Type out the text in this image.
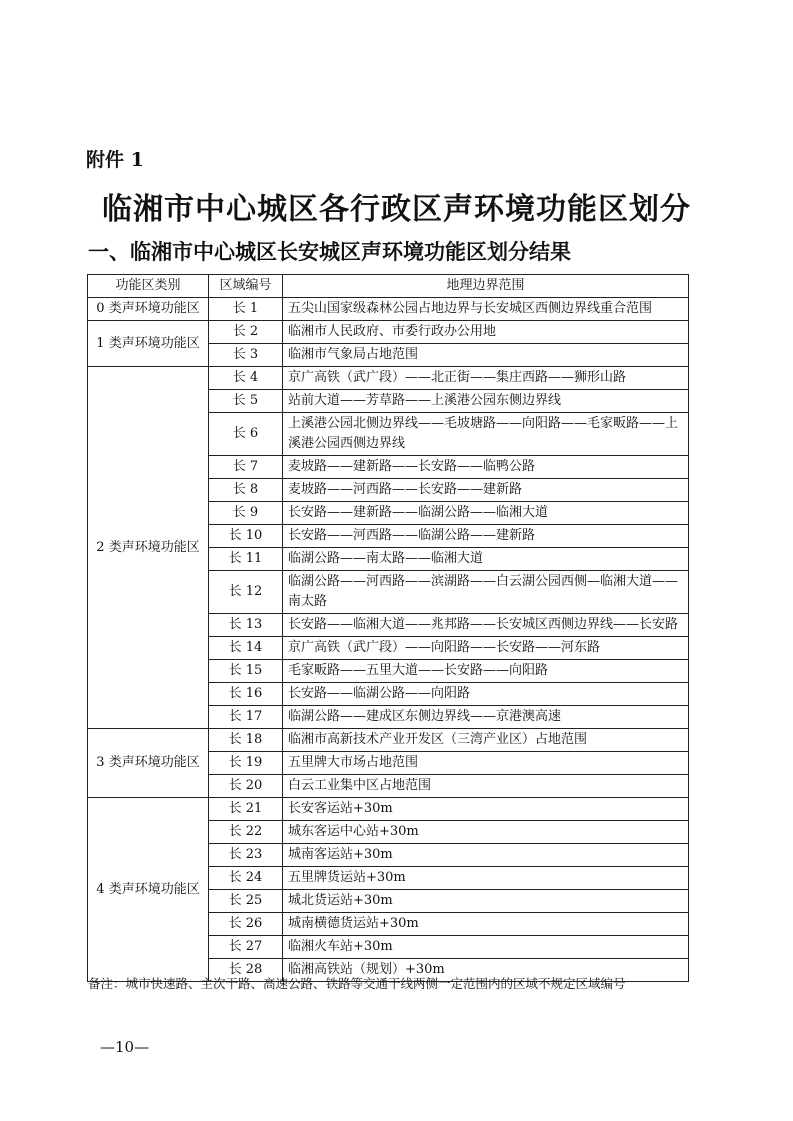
附件 1
临湘市中心城区各行政区声环境功能区划分
一、临湘市中心城区长安城区声环境功能区划分结果
功能区类别	区域编号	地理边界范围
0 类声环境功能区	长 1	五尖山国家级森林公园占地边界与长安城区西侧边界线重合范围
1 类声环境功能区	长 2	临湘市人民政府、市委行政办公用地
	长 3	临湘市气象局占地范围
2 类声环境功能区	长 4	京广高铁（武广段）——北正街——集庄西路——狮形山路
	长 5	站前大道——芳草路——上溪港公园东侧边界线
	长 6	上溪港公园北侧边界线——毛坡塘路——向阳路——毛家畈路——上溪港公园西侧边界线
	长 7	麦坡路——建新路——长安路——临鸭公路
	长 8	麦坡路——河西路——长安路——建新路
	长 9	长安路——建新路——临湖公路——临湘大道
	长 10	长安路——河西路——临湖公路——建新路
	长 11	临湖公路——南太路——临湘大道
	长 12	临湖公路——河西路——滨湖路——白云湖公园西侧—临湘大道——南太路
	长 13	长安路——临湘大道——兆邦路——长安城区西侧边界线——长安路
	长 14	京广高铁（武广段）——向阳路——长安路——河东路
	长 15	毛家畈路——五里大道——长安路——向阳路
	长 16	长安路——临湖公路——向阳路
	长 17	临湖公路——建成区东侧边界线——京港澳高速
3 类声环境功能区	长 18	临湘市高新技术产业开发区（三湾产业区）占地范围
	长 19	五里牌大市场占地范围
	长 20	白云工业集中区占地范围
4 类声环境功能区	长 21	长安客运站+30m
	长 22	城东客运中心站+30m
	长 23	城南客运站+30m
	长 24	五里牌货运站+30m
	长 25	城北货运站+30m
	长 26	城南横德货运站+30m
	长 27	临湘火车站+30m
	长 28	临湘高铁站（规划）+30m
备注：城市快速路、主次干路、高速公路、铁路等交通干线两侧一定范围内的区域不规定区域编号
—10—
